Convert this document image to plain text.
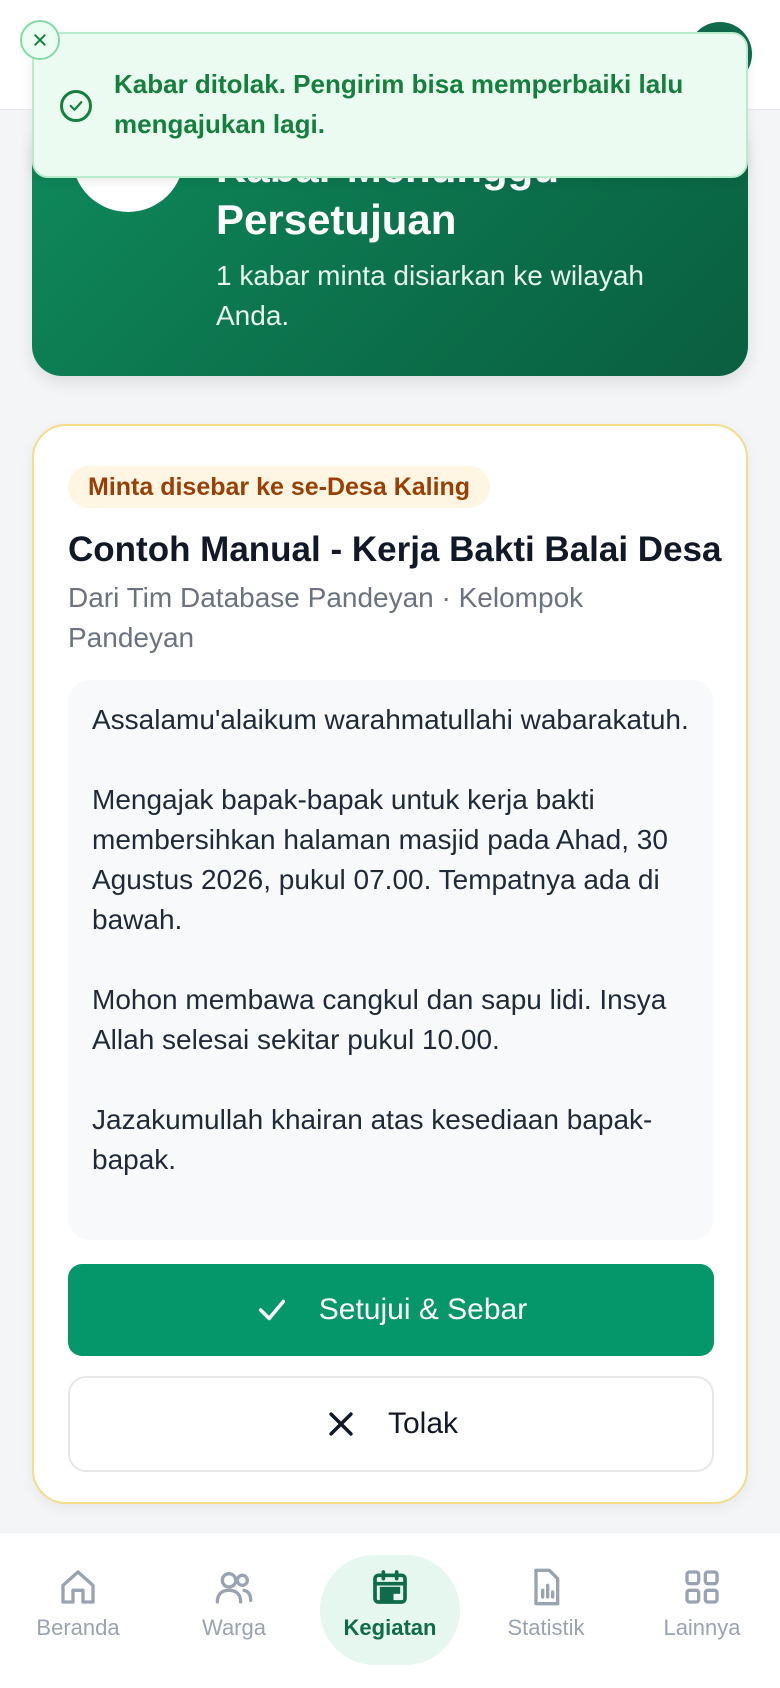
Persetujuan
1 kabar minta disiarkan ke wilayah Anda.
Kabar ditolak. Pengirim bisa memperbaiki lalu mengajukan lagi.
Minta disebar ke se-Desa Kaling
Contoh Manual - Kerja Bakti Balai Desa
Dari Tim Database Pandeyan · Kelompok Pandeyan

Assalamu'alaikum warahmatullahi wabarakatuh.

Mengajak bapak-bapak untuk kerja bakti membersihkan halaman masjid pada Ahad, 30 Agustus 2026, pukul 07.00. Tempatnya ada di bawah.

Mohon membawa cangkul dan sapu lidi. Insya Allah selesai sekitar pukul 10.00.

Jazakumullah khairan atas kesediaan bapak-bapak.

Setujui & Sebar
Tolak
Beranda	Warga	Kegiatan	Statistik	Lainnya
